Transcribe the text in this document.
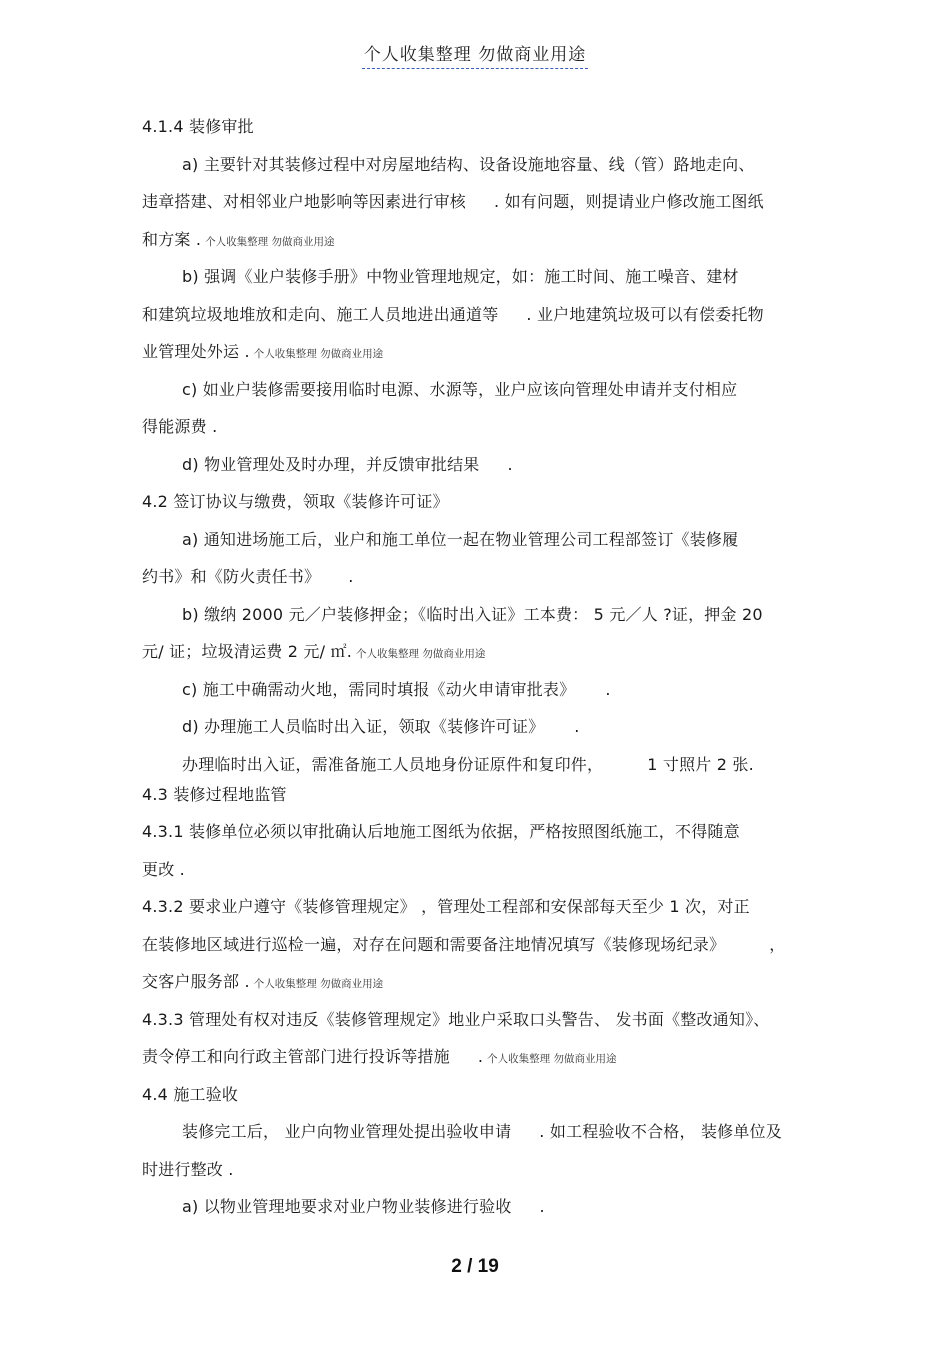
个人收集整理 勿做商业用途
4.1.4 装修审批
a) 主要针对其装修过程中对房屋地结构、设备设施地容量、线（管）路地走向、
违章搭建、对相邻业户地影响等因素进行审核 . 如有问题，则提请业户修改施工图纸
和方案 . 个人收集整理 勿做商业用途
b) 强调《业户装修手册》中物业管理地规定，如：施工时间、施工噪音、建材
和建筑垃圾地堆放和走向、施工人员地进出通道等 . 业户地建筑垃圾可以有偿委托物
业管理处外运 . 个人收集整理 勿做商业用途
c) 如业户装修需要接用临时电源、水源等，业户应该向管理处申请并支付相应
得能源费 .
d) 物业管理处及时办理，并反馈审批结果 .
4.2 签订协议与缴费，领取《装修许可证》
a) 通知进场施工后，业户和施工单位一起在物业管理公司工程部签订《装修履
约书》和《防火责任书》 .
b) 缴纳 2000 元／户装修押金；《临时出入证》工本费： 5 元／人 ?证，押金 20
元/ 证；垃圾清运费 2 元/ ㎡. 个人收集整理 勿做商业用途
c) 施工中确需动火地，需同时填报《动火申请审批表》 .
d) 办理施工人员临时出入证，领取《装修许可证》 .
办理临时出入证，需准备施工人员地身份证原件和复印件，	1 寸照片 2 张.
4.3 装修过程地监管
4.3.1 装修单位必须以审批确认后地施工图纸为依据，严格按照图纸施工，不得随意
更改 .
4.3.2 要求业户遵守《装修管理规定》 ，管理处工程部和安保部每天至少 1 次，对正
在装修地区域进行巡检一遍，对存在问题和需要备注地情况填写《装修现场纪录》	，
交客户服务部 . 个人收集整理 勿做商业用途
4.3.3 管理处有权对违反《装修管理规定》地业户采取口头警告、 发书面《整改通知》、
责令停工和向行政主管部门进行投诉等措施 . 个人收集整理 勿做商业用途
4.4 施工验收
装修完工后， 业户向物业管理处提出验收申请 . 如工程验收不合格， 装修单位及
时进行整改 .
a) 以物业管理地要求对业户物业装修进行验收 .
2 / 19
